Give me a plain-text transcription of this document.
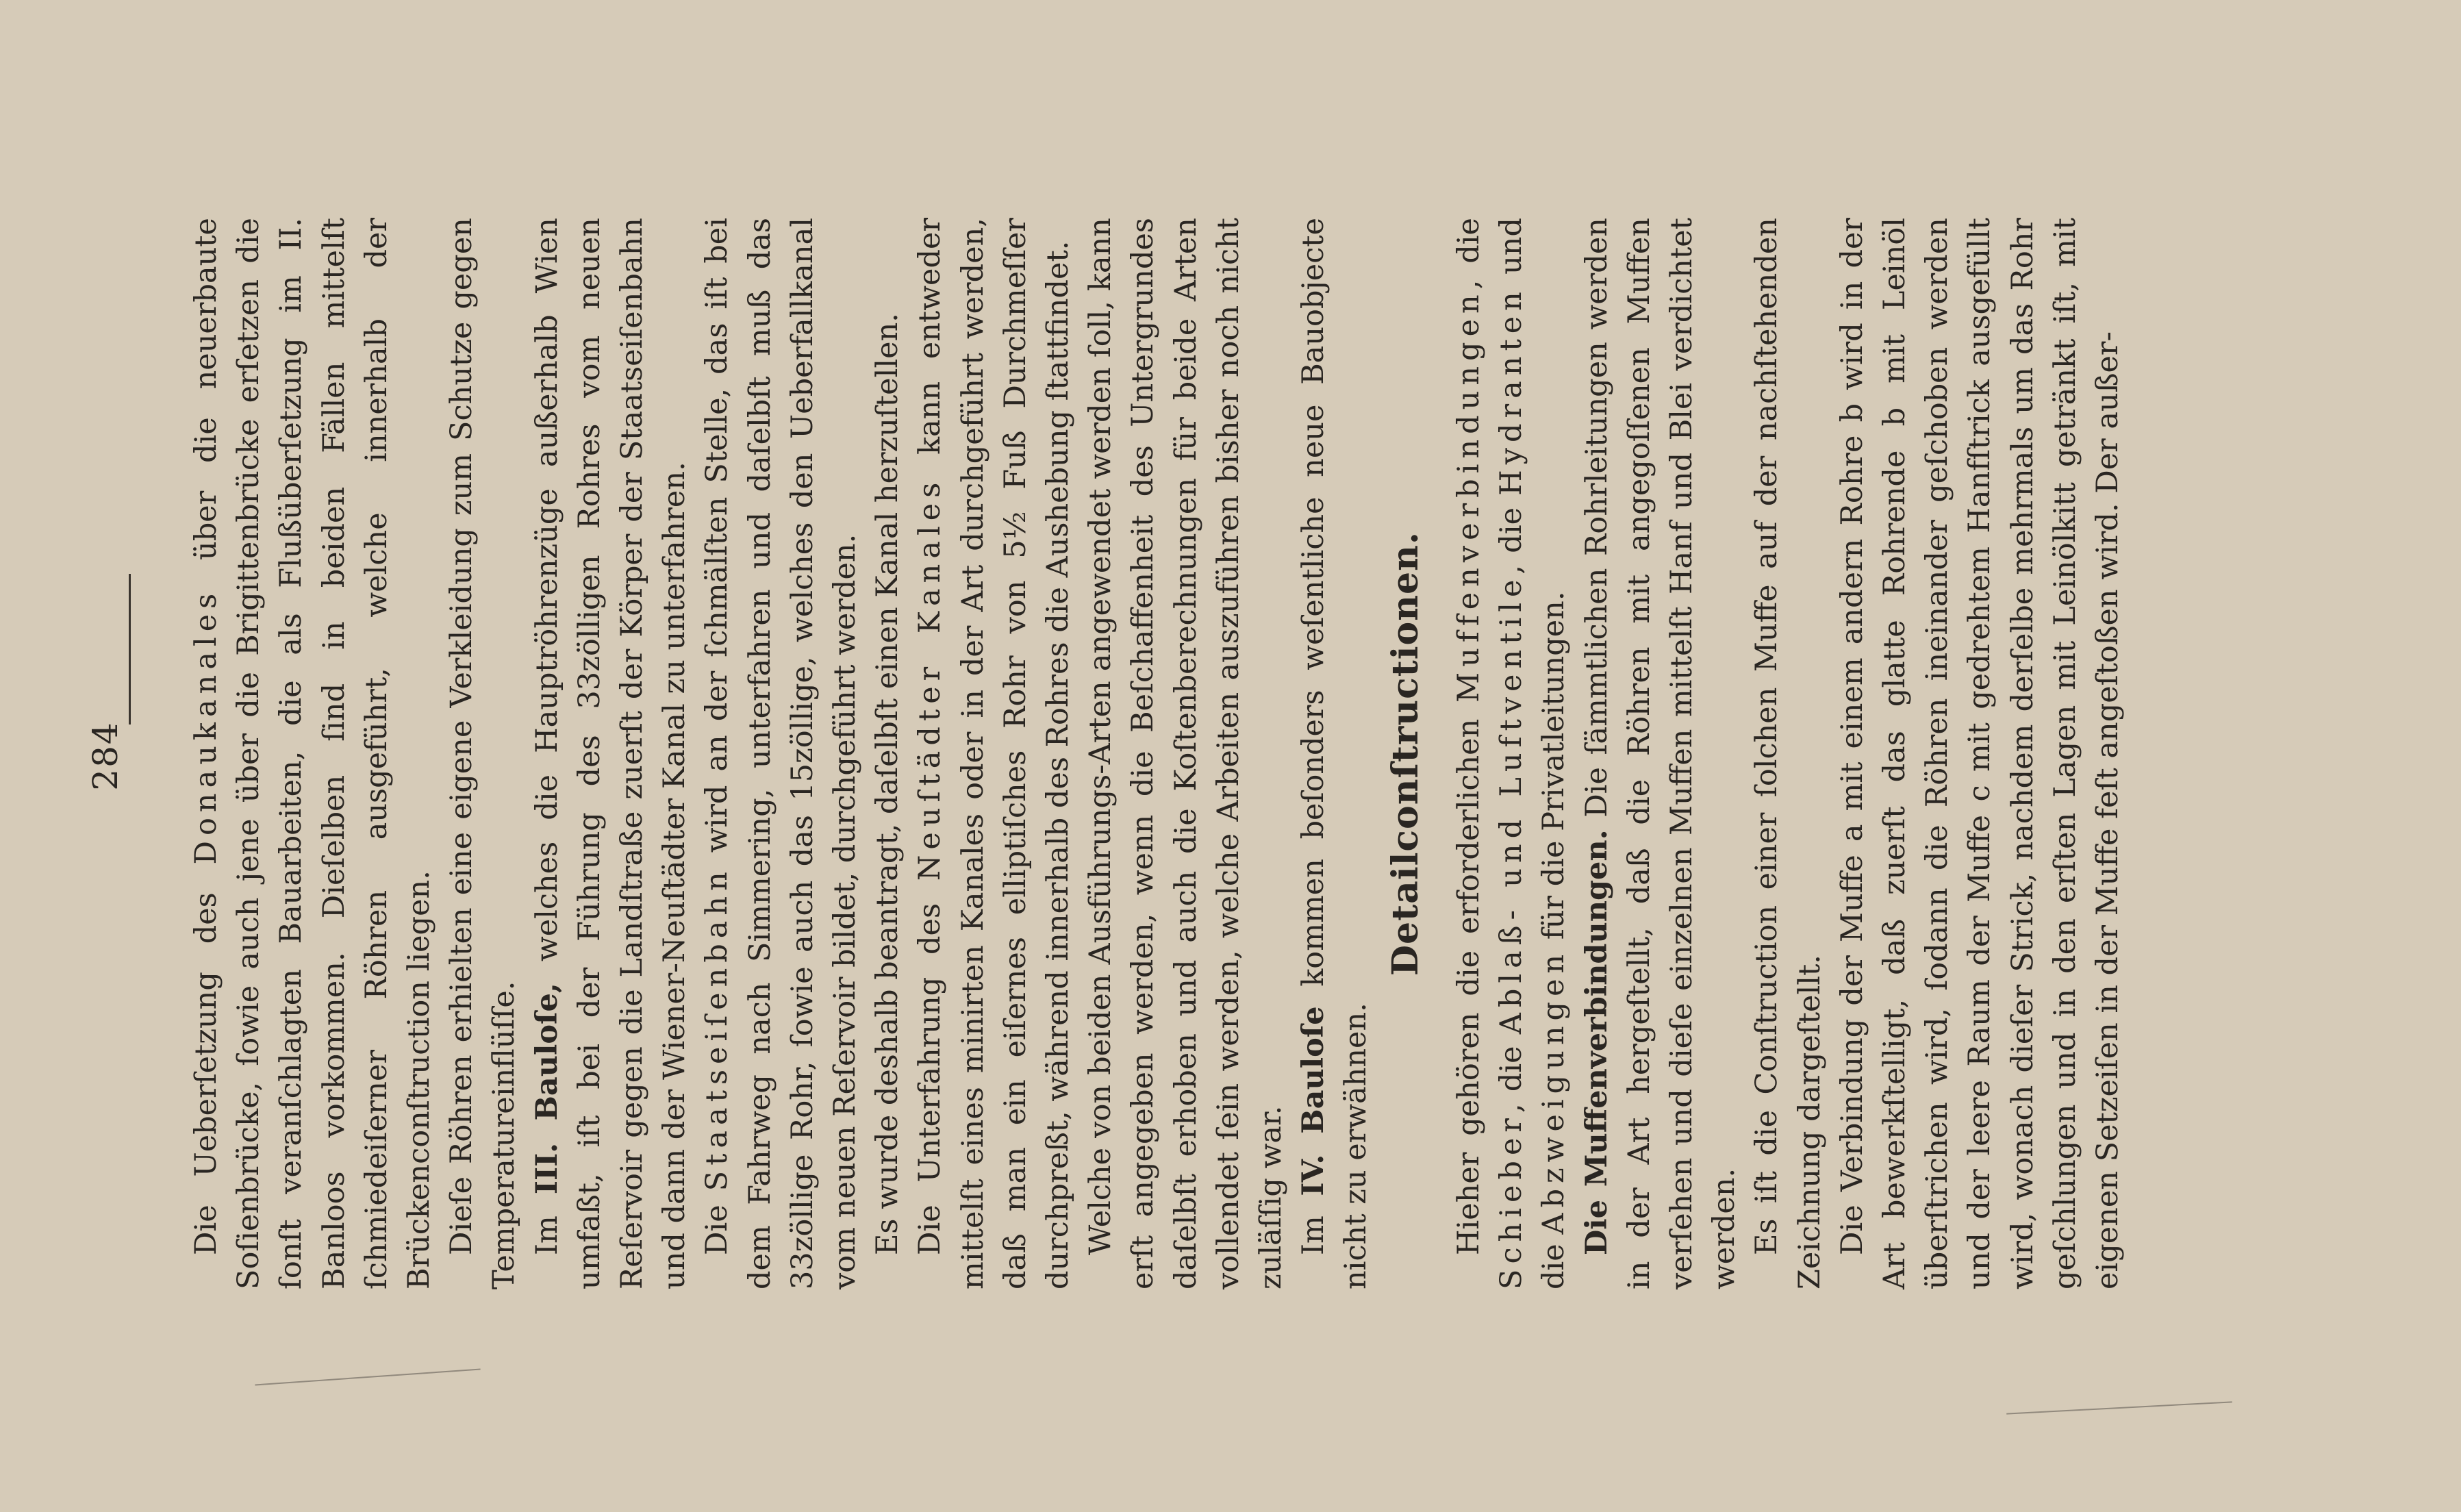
284

Die Ueberſetzung des Donaukanales über die neuerbaute Soſienbrücke, ſowie auch jene über die Brigittenbrücke erſetzen die ſonſt veranſchlagten Bauarbeiten, die als Flußüberſetzung im II. Banloos vorkommen. Dieſelben ſind in beiden Fällen mittelſt ſchmiedeiſerner Röhren ausgeführt, welche innerhalb der Brückenconſtruction liegen. Dieſe Röhren erhielten eine eigene Verkleidung zum Schutze gegen Temperatureinflüſſe. Im III. Bauloſe, welches die Hauptröhrenzüge außerhalb Wien umfaßt, iſt bei der Führung des 33zölligen Rohres vom neuen Reſervoir gegen die Landſtraße zuerſt der Körper der Staatseiſenbahn und dann der Wiener-Neuſtädter Kanal zu unterfahren. Die Staatseiſenbahn wird an der ſchmälſten Stelle, das iſt bei dem Fahrweg nach Simmering, unterfahren und daſelbſt muß das 33zöllige Rohr, ſowie auch das 15zöllige, welches den Ueberfallkanal vom neuen Reſervoir bildet, durchgeführt werden. Es wurde deshalb beantragt, daſelbſt einen Kanal herzuſtellen. Die Unterfahrung des Neuſtädter Kanales kann entweder mittelſt eines minirten Kanales oder in der Art durchgeführt werden, daß man ein eiſernes elliptiſches Rohr von 5½ Fuß Durchmeſſer durchpreßt, während innerhalb des Rohres die Aushebung ſtattfindet. Welche von beiden Ausführungs-Arten angewendet werden ſoll, kann erſt angegeben werden, wenn die Beſchaffenheit des Untergrundes daſelbſt erhoben und auch die Koſtenberechnungen für beide Arten vollendet ſein werden, welche Arbeiten auszuführen bisher noch nicht zuläſſig war. Im IV. Bauloſe kommen beſonders weſentliche neue Bauobjecte nicht zu erwähnen.

Detailconſtructionen. Hieher gehören die erforderlichen Muffenverbindungen, die Schieber, die Ablaß- und Luftventile, die Hydranten und die Abzweigungen für die Privatleitungen.

Die Muffenverbindungen. Die ſämmtlichen Rohrleitungen werden in der Art hergeſtellt, daß die Röhren mit angegoſſenen Muffen verſehen und dieſe einzelnen Muffen mittelſt Hanf und Blei verdichtet werden. Es iſt die Conſtruction einer ſolchen Muffe auf der nachſtehenden Zeichnung dargeſtellt. Die Verbindung der Muffe a mit einem andern Rohre b wird in der Art bewerkſtelligt, daß zuerſt das glatte Rohrende b mit Leinöl überſtrichen wird, ſodann die Röhren ineinander geſchoben werden und der leere Raum der Muffe c mit gedrehtem Hanfſtrick ausgefüllt wird, wonach dieſer Strick, nachdem derſelbe mehrmals um das Rohr geſchlungen und in den erſten Lagen mit Leinölkitt getränkt iſt, mit eigenen Setzeiſen in der Muffe feſt angeſtoßen wird. Der außer-
